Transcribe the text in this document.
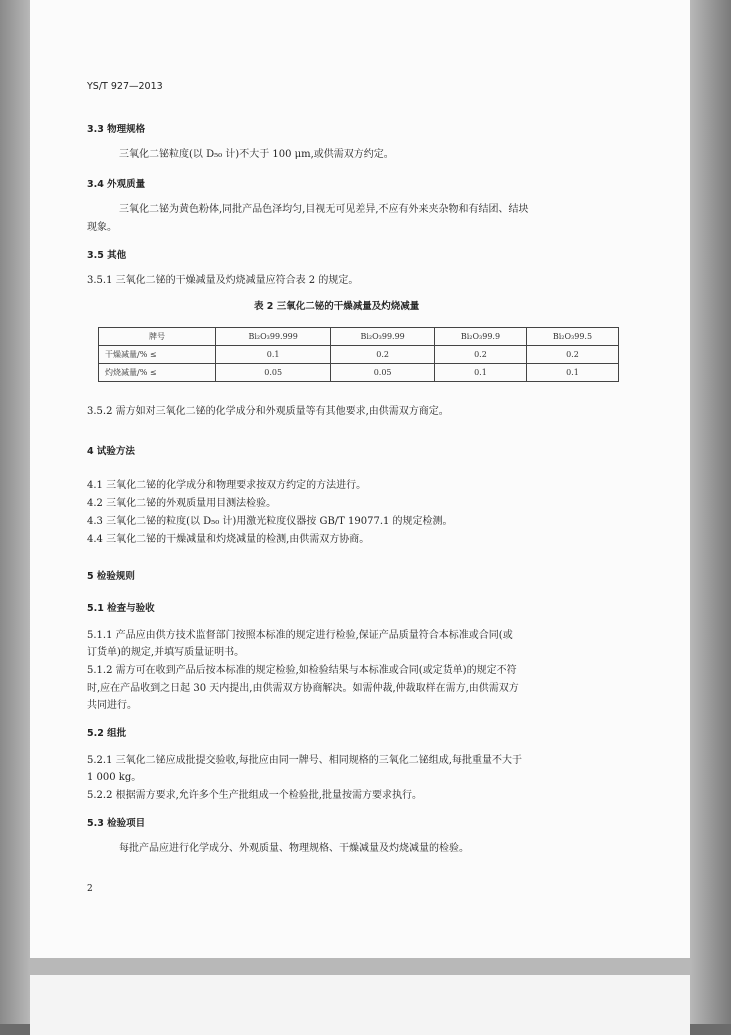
YS/T 927—2013
3.3 物理规格
三氧化二铋粒度(以 D₅₀ 计)不大于 100 μm,或供需双方约定。
3.4 外观质量
三氧化二铋为黄色粉体,同批产品色泽均匀,目视无可见差异,不应有外来夹杂物和有结团、结块
现象。
3.5 其他
3.5.1 三氧化二铋的干燥减量及灼烧减量应符合表 2 的规定。
表 2 三氧化二铋的干燥减量及灼烧减量
3.5.2 需方如对三氧化二铋的化学成分和外观质量等有其他要求,由供需双方商定。
4 试验方法
4.1 三氧化二铋的化学成分和物理要求按双方约定的方法进行。
4.2 三氧化二铋的外观质量用目测法检验。
4.3 三氧化二铋的粒度(以 D₅₀ 计)用激光粒度仪器按 GB/T 19077.1 的规定检测。
4.4 三氧化二铋的干燥减量和灼烧减量的检测,由供需双方协商。
5 检验规则
5.1 检查与验收
5.1.1 产品应由供方技术监督部门按照本标准的规定进行检验,保证产品质量符合本标准或合同(或
订货单)的规定,并填写质量证明书。
5.1.2 需方可在收到产品后按本标准的规定检验,如检验结果与本标准或合同(或定货单)的规定不符
时,应在产品收到之日起 30 天内提出,由供需双方协商解决。如需仲裁,仲裁取样在需方,由供需双方
共同进行。
5.2 组批
5.2.1 三氧化二铋应成批提交验收,每批应由同一牌号、相同规格的三氧化二铋组成,每批重量不大于
1 000 kg。
5.2.2 根据需方要求,允许多个生产批组成一个检验批,批量按需方要求执行。
5.3 检验项目
每批产品应进行化学成分、外观质量、物理规格、干燥减量及灼烧减量的检验。
2
牌号	Bi₂O₃99.999	Bi₂O₃99.99	Bi₂O₃99.9	Bi₂O₃99.5
干燥减量/% ≤	0.1	0.2	0.2	0.2
灼烧减量/% ≤	0.05	0.05	0.1	0.1
